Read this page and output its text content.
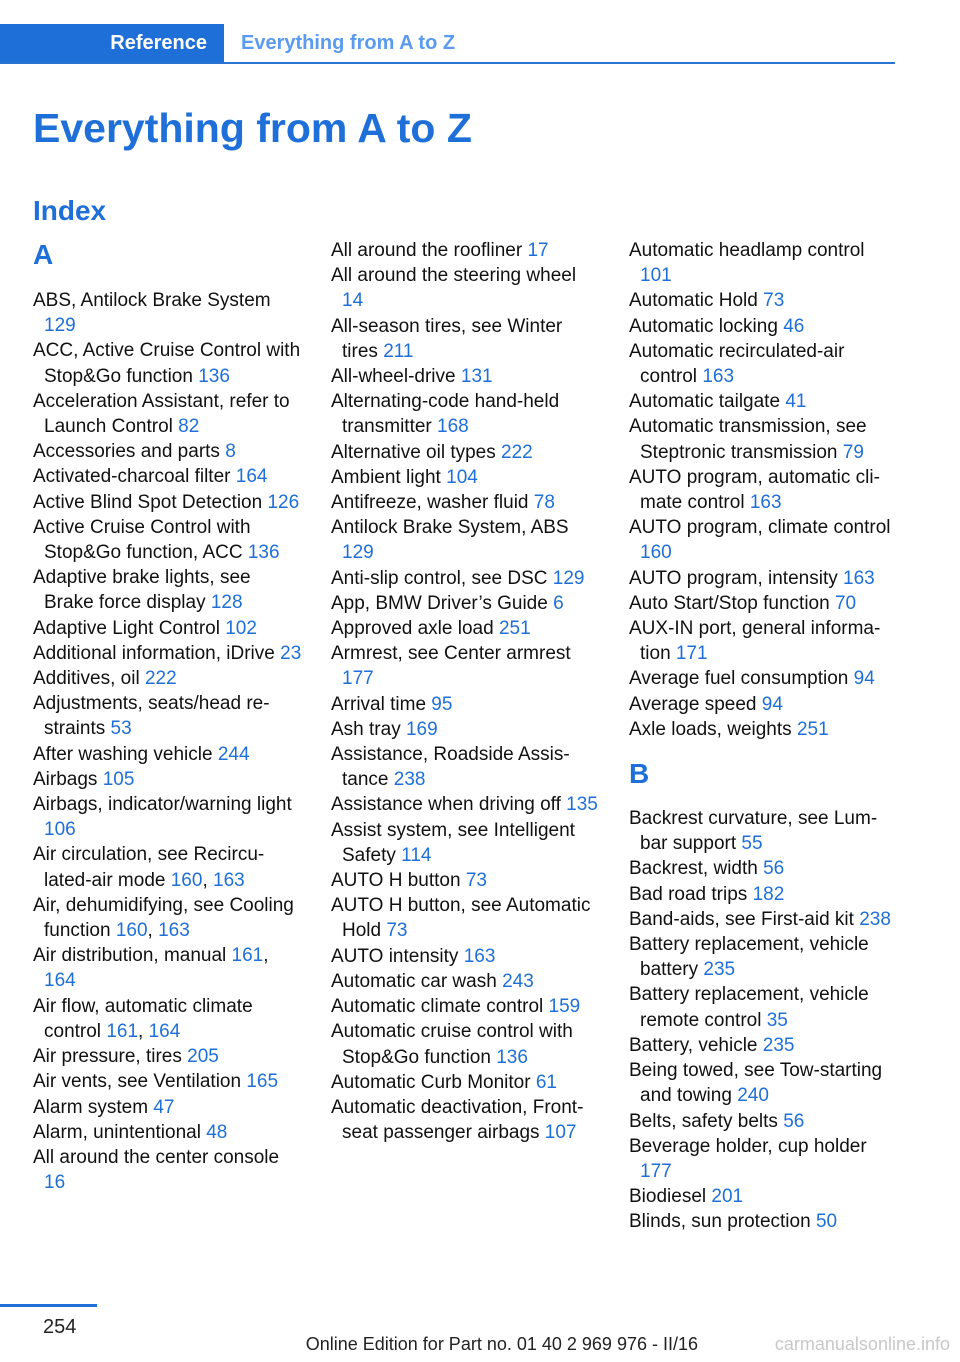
Reference	Everything from A to Z
Everything from A to Z
Index
A
ABS, Antilock Brake System 129
ACC, Active Cruise Control with Stop&Go function 136
Acceleration Assistant, refer to Launch Control 82
Accessories and parts 8
Activated-charcoal filter 164
Active Blind Spot Detection 126
Active Cruise Control with Stop&Go function, ACC 136
Adaptive brake lights, see Brake force display 128
Adaptive Light Control 102
Additional information, iDrive 23
Additives, oil 222
Adjustments, seats/head restraints 53
After washing vehicle 244
Airbags 105
Airbags, indicator/warning light 106
Air circulation, see Recirculated-air mode 160, 163
Air, dehumidifying, see Cooling function 160, 163
Air distribution, manual 161, 164
Air flow, automatic climate control 161, 164
Air pressure, tires 205
Air vents, see Ventilation 165
Alarm system 47
Alarm, unintentional 48
All around the center console 16
All around the roofliner 17
All around the steering wheel 14
All-season tires, see Winter tires 211
All-wheel-drive 131
Alternating-code hand-held transmitter 168
Alternative oil types 222
Ambient light 104
Antifreeze, washer fluid 78
Antilock Brake System, ABS 129
Anti-slip control, see DSC 129
App, BMW Driver’s Guide 6
Approved axle load 251
Armrest, see Center armrest 177
Arrival time 95
Ash tray 169
Assistance, Roadside Assistance 238
Assistance when driving off 135
Assist system, see Intelligent Safety 114
AUTO H button 73
AUTO H button, see Automatic Hold 73
AUTO intensity 163
Automatic car wash 243
Automatic climate control 159
Automatic cruise control with Stop&Go function 136
Automatic Curb Monitor 61
Automatic deactivation, Front-seat passenger airbags 107
Automatic headlamp control 101
Automatic Hold 73
Automatic locking 46
Automatic recirculated-air control 163
Automatic tailgate 41
Automatic transmission, see Steptronic transmission 79
AUTO program, automatic climate control 163
AUTO program, climate control 160
AUTO program, intensity 163
Auto Start/Stop function 70
AUX-IN port, general information 171
Average fuel consumption 94
Average speed 94
Axle loads, weights 251
B
Backrest curvature, see Lumbar support 55
Backrest, width 56
Bad road trips 182
Band-aids, see First-aid kit 238
Battery replacement, vehicle battery 235
Battery replacement, vehicle remote control 35
Battery, vehicle 235
Being towed, see Tow-starting and towing 240
Belts, safety belts 56
Beverage holder, cup holder 177
Biodiesel 201
Blinds, sun protection 50
254
Online Edition for Part no. 01 40 2 969 976 - II/16	carmanualsonline.info
